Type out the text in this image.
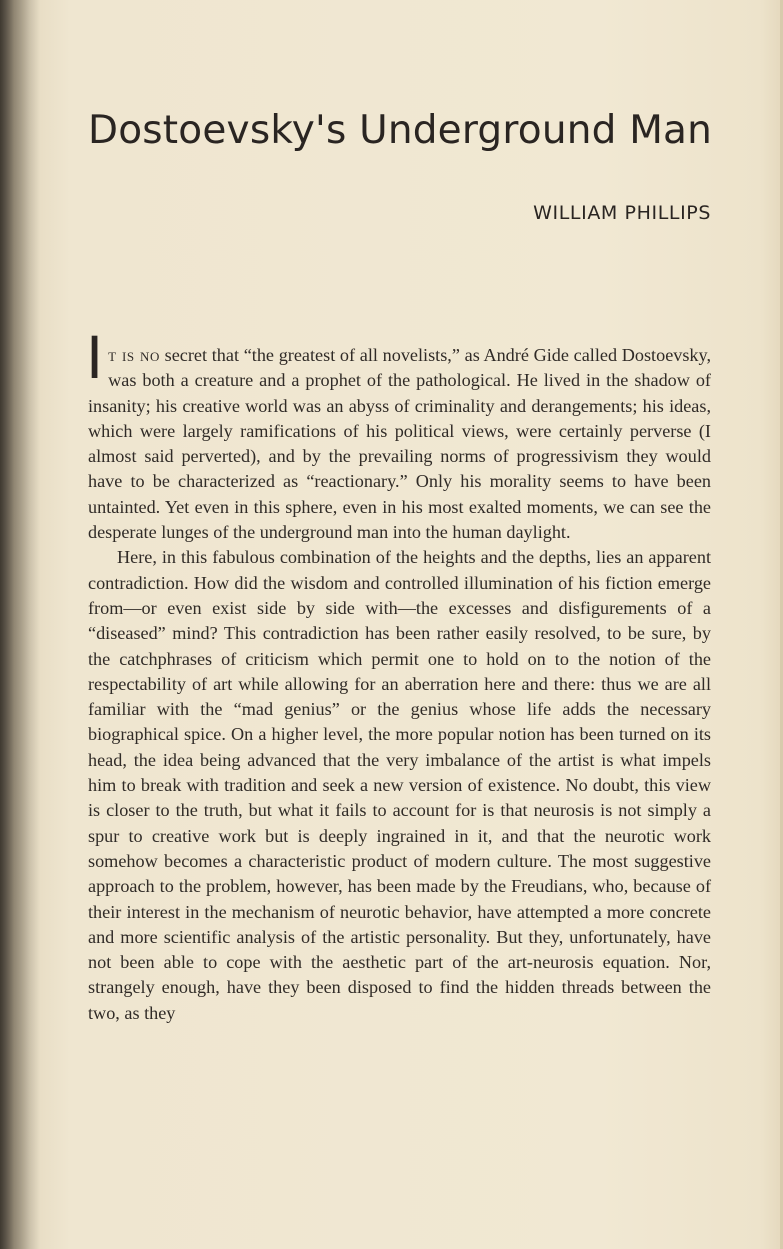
Dostoevsky's Underground Man
WILLIAM PHILLIPS

It is no secret that “the greatest of all novelists,” as André Gide called Dostoevsky, was both a creature and a prophet of the pathological. He lived in the shadow of insanity; his creative world was an abyss of criminality and derangements; his ideas, which were largely ramifications of his political views, were certainly perverse (I almost said perverted), and by the prevailing norms of progressivism they would have to be characterized as “reactionary.” Only his morality seems to have been untainted. Yet even in this sphere, even in his most exalted moments, we can see the desperate lunges of the underground man into the human daylight.

Here, in this fabulous combination of the heights and the depths, lies an apparent contradiction. How did the wisdom and controlled illumination of his fiction emerge from—or even exist side by side with—the excesses and disfigurements of a “diseased” mind? This contradiction has been rather easily resolved, to be sure, by the catchphrases of criticism which permit one to hold on to the notion of the respectability of art while allowing for an aberration here and there: thus we are all familiar with the “mad genius” or the genius whose life adds the necessary biographical spice. On a higher level, the more popular notion has been turned on its head, the idea being advanced that the very imbalance of the artist is what impels him to break with tradition and seek a new version of existence. No doubt, this view is closer to the truth, but what it fails to account for is that neurosis is not simply a spur to creative work but is deeply ingrained in it, and that the neurotic work somehow becomes a characteristic product of modern culture. The most suggestive approach to the problem, however, has been made by the Freudians, who, because of their interest in the mechanism of neurotic behavior, have attempted a more concrete and more scientific analysis of the artistic personality. But they, unfortunately, have not been able to cope with the aesthetic part of the art-neurosis equation. Nor, strangely enough, have they been disposed to find the hidden threads between the two, as they
